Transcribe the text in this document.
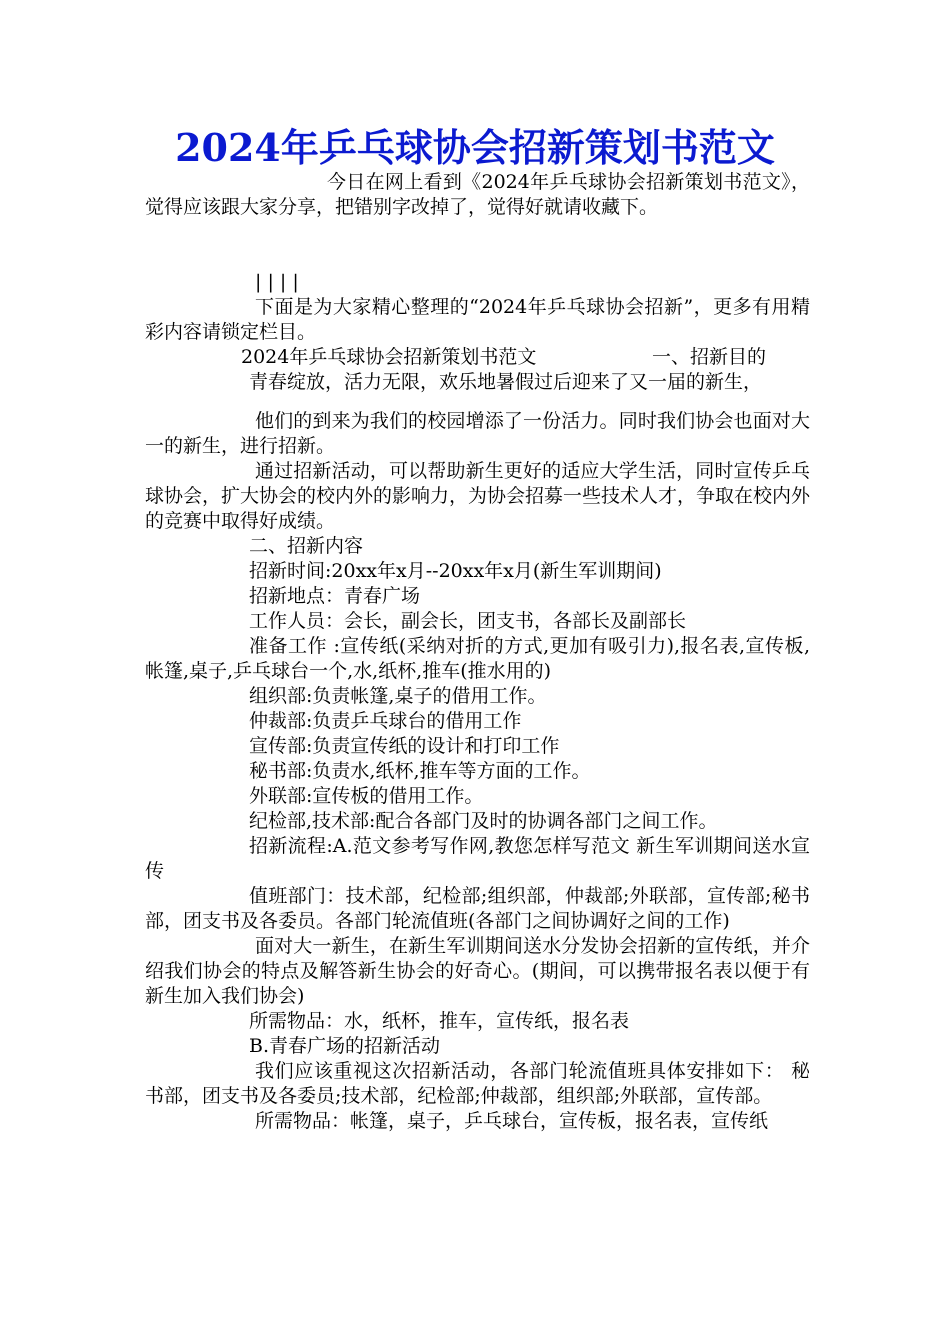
2024年乒乓球协会招新策划书范文

今日在网上看到《2024年乒乓球协会招新策划书范文》，觉得应该跟大家分享，把错别字改掉了，觉得好就请收藏下。

| | | |

下面是为大家精心整理的“2024年乒乓球协会招新”，更多有用精彩内容请锁定栏目。

2024年乒乓球协会招新策划书范文	一、招新目的

青春绽放，活力无限，欢乐地暑假过后迎来了又一届的新生，

他们的到来为我们的校园增添了一份活力。同时我们协会也面对大一的新生，进行招新。

通过招新活动，可以帮助新生更好的适应大学生活，同时宣传乒乓球协会，扩大协会的校内外的影响力，为协会招募一些技术人才，争取在校内外的竞赛中取得好成绩。

二、招新内容

招新时间:20xx年x月--20xx年x月(新生军训期间)

招新地点：青春广场

工作人员：会长，副会长，团支书，各部长及副部长

准备工作 :宣传纸(采纳对折的方式,更加有吸引力),报名表,宣传板,帐篷,桌子,乒乓球台一个,水,纸杯,推车(推水用的)

组织部:负责帐篷,桌子的借用工作。

仲裁部:负责乒乓球台的借用工作

宣传部:负责宣传纸的设计和打印工作

秘书部:负责水,纸杯,推车等方面的工作。

外联部:宣传板的借用工作。

纪检部,技术部:配合各部门及时的协调各部门之间工作。

招新流程:A.范文参考写作网,教您怎样写范文 新生军训期间送水宣传

值班部门：技术部，纪检部;组织部，仲裁部;外联部，宣传部;秘书部，团支书及各委员。各部门轮流值班(各部门之间协调好之间的工作)

面对大一新生，在新生军训期间送水分发协会招新的宣传纸，并介绍我们协会的特点及解答新生协会的好奇心。(期间，可以携带报名表以便于有新生加入我们协会)

所需物品：水，纸杯，推车，宣传纸，报名表

B.青春广场的招新活动

我们应该重视这次招新活动，各部门轮流值班具体安排如下： 秘书部，团支书及各委员;技术部，纪检部;仲裁部，组织部;外联部，宣传部。

所需物品：帐篷，桌子，乒乓球台，宣传板，报名表，宣传纸
